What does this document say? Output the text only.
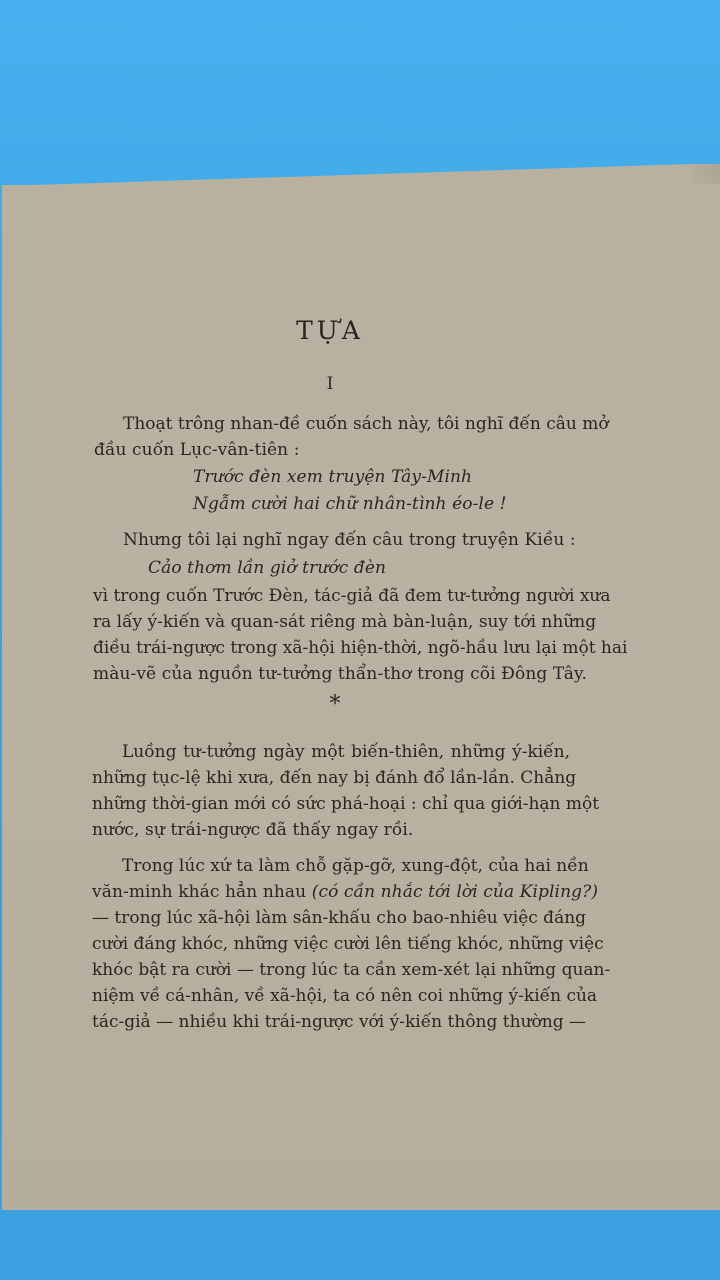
TỰA
I
Thoạt trông nhan-đề cuốn sách này, tôi nghĩ đến câu mở
đầu cuốn Lục-vân-tiên :
Trước đèn xem truyện Tây-Minh
Ngẫm cười hai chữ nhân-tình éo-le !
Nhưng tôi lại nghĩ ngay đến câu trong truyện Kiều :
Cảo thơm lần giở trước đèn
vì trong cuốn Trước Đèn, tác-giả đã đem tư-tưởng người xưa
ra lấy ý-kiến và quan-sát riêng mà bàn-luận, suy tới những
điều trái-ngược trong xã-hội hiện-thời, ngõ-hầu lưu lại một hai
màu-vẽ của nguồn tư-tưởng thẩn-thơ trong cõi Đông Tây.
*
Luồng tư-tưởng ngày một biến-thiên, những ý-kiến,
những tục-lệ khi xưa, đến nay bị đánh đổ lần-lần. Chẳng
những thời-gian mới có sức phá-hoại : chỉ qua giới-hạn một
nước, sự trái-ngược đã thấy ngay rồi.
Trong lúc xứ ta làm chỗ gặp-gỡ, xung-đột, của hai nền
văn-minh khác hẳn nhau (có cần nhắc tới lời của Kipling?)
— trong lúc xã-hội làm sân-khấu cho bao-nhiêu việc đáng
cười đáng khóc, những việc cười lên tiếng khóc, những việc
khóc bật ra cười — trong lúc ta cần xem-xét lại những quan-
niệm về cá-nhân, về xã-hội, ta có nên coi những ý-kiến của
tác-giả — nhiều khi trái-ngược với ý-kiến thông thường —
